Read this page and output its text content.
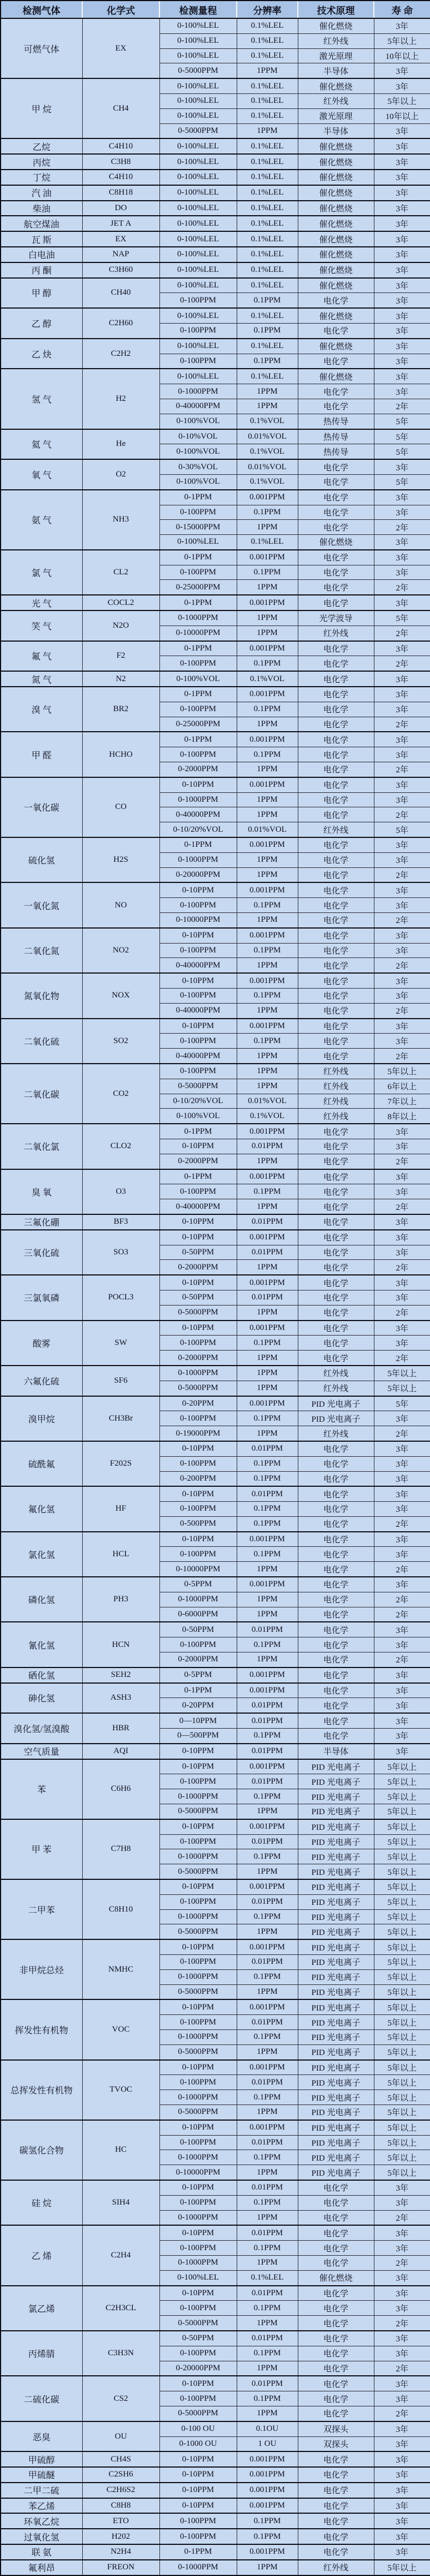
检测气体	化学式	检测量程	分辨率	技术原理	寿 命
可燃气体	EX	0-100%LEL	0.1%LEL	催化燃烧	3年
		0-100%LEL	0.1%LEL	红外线	5年以上
		0-100%LEL	0.1%LEL	激光原理	10年以上
		0-5000PPM	1PPM	半导体	3年
甲 烷	CH4	0-100%LEL	0.1%LEL	催化燃烧	3年
		0-100%LEL	0.1%LEL	红外线	5年以上
		0-100%LEL	0.1%LEL	激光原理	10年以上
		0-5000PPM	1PPM	半导体	3年
乙烷	C4H10	0-100%LEL	0.1%LEL	催化燃烧	3年
丙烷	C3H8	0-100%LEL	0.1%LEL	催化燃烧	3年
丁烷	C4H10	0-100%LEL	0.1%LEL	催化燃烧	3年
汽 油	C8H18	0-100%LEL	0.1%LEL	催化燃烧	3年
柴油	DO	0-100%LEL	0.1%LEL	催化燃烧	3年
航空煤油	JET A	0-100%LEL	0.1%LEL	催化燃烧	3年
瓦 斯	EX	0-100%LEL	0.1%LEL	催化燃烧	3年
白电油	NAP	0-100%LEL	0.1%LEL	催化燃烧	3年
丙 酮	C3H60	0-100%LEL	0.1%LEL	催化燃烧	3年
甲 醇	CH40	0-100%LEL	0.1%LEL	催化燃烧	3年
		0-100PPM	0.1PPM	电化学	3年
乙 醇	C2H60	0-100%LEL	0.1%LEL	催化燃烧	3年
		0-100PPM	0.1PPM	电化学	3年
乙 炔	C2H2	0-100%LEL	0.1%LEL	催化燃烧	3年
		0-100PPM	0.1PPM	电化学	3年
氢 气	H2	0-100%LEL	0.1%LEL	催化燃烧	3年
		0-1000PPM	1PPM	电化学	3年
		0-40000PPM	1PPM	电化学	2年
		0-100%VOL	0.1%VOL	热传导	5年
氦 气	He	0-10%VOL	0.01%VOL	热传导	5年
		0-100%VOL	0.1%VOL	热传导	5年
氧 气	O2	0-30%VOL	0.01%VOL	电化学	3年
		0-100%VOL	0.1%VOL	电化学	5年
氨 气	NH3	0-1PPM	0.001PPM	电化学	3年
		0-100PPM	0.1PPM	电化学	3年
		0-15000PPM	1PPM	电化学	2年
		0-100%LEL	0.1%LEL	催化燃烧	3年
氯 气	CL2	0-1PPM	0.001PPM	电化学	3年
		0-100PPM	0.1PPM	电化学	3年
		0-25000PPM	1PPM	电化学	2年
光 气	COCL2	0-1PPM	0.001PPM	电化学	3年
笑 气	N2O	0-1000PPM	1PPM	光学波导	5年
		0-10000PPM	1PPM	红外线	2年
氟 气	F2	0-1PPM	0.001PPM	电化学	3年
		0-100PPM	0.1PPM	电化学	2年
氮 气	N2	0-100%VOL	0.1%VOL	电化学	3年
溴 气	BR2	0-1PPM	0.001PPM	电化学	3年
		0-100PPM	0.1PPM	电化学	3年
		0-25000PPM	1PPM	电化学	2年
甲 醛	HCHO	0-1PPM	0.001PPM	电化学	3年
		0-100PPM	0.1PPM	电化学	3年
		0-2000PPM	1PPM	电化学	2年
一氧化碳	CO	0-10PPM	0.001PPM	电化学	3年
		0-1000PPM	1PPM	电化学	3年
		0-40000PPM	1PPM	电化学	2年
		0-10/20%VOL	0.01%VOL	红外线	5年
硫化氢	H2S	0-1PPM	0.001PPM	电化学	3年
		0-1000PPM	1PPM	电化学	3年
		0-20000PPM	1PPM	电化学	2年
一氧化氮	NO	0-10PPM	0.001PPM	电化学	3年
		0-100PPM	0.1PPM	电化学	3年
		0-10000PPM	1PPM	电化学	2年
二氧化氮	NO2	0-10PPM	0.001PPM	电化学	3年
		0-100PPM	0.1PPM	电化学	3年
		0-40000PPM	1PPM	电化学	2年
氮氧化物	NOX	0-10PPM	0.001PPM	电化学	3年
		0-100PPM	0.1PPM	电化学	3年
		0-40000PPM	1PPM	电化学	2年
二氧化硫	SO2	0-10PPM	0.001PPM	电化学	3年
		0-100PPM	0.1PPM	电化学	3年
		0-40000PPM	1PPM	电化学	2年
二氧化碳	CO2	0-100PPM	1PPM	红外线	5年以上
		0-5000PPM	1PPM	红外线	6年以上
		0-10/20%VOL	0.01%VOL	红外线	7年以上
		0-100%VOL	0.1%VOL	红外线	8年以上
二氧化氯	CLO2	0-1PPM	0.001PPM	电化学	3年
		0-10PPM	0.01PPM	电化学	3年
		0-2000PPM	1PPM	电化学	2年
臭 氧	O3	0-1PPM	0.001PPM	电化学	3年
		0-100PPM	0.1PPM	电化学	3年
		0-40000PPM	1PPM	电化学	2年
三氟化硼	BF3	0-10PPM	0.01PPM	电化学	3年
三氧化硫	SO3	0-10PPM	0.001PPM	电化学	3年
		0-50PPM	0.01PPM	电化学	3年
		0-2000PPM	1PPM	电化学	2年
三氯氧磷	POCL3	0-10PPM	0.001PPM	电化学	3年
		0-50PPM	0.01PPM	电化学	3年
		0-5000PPM	1PPM	电化学	2年
酸雾	SW	0-10PPM	0.001PPM	电化学	3年
		0-100PPM	0.1PPM	电化学	3年
		0-2000PPM	1PPM	电化学	2年
六氟化硫	SF6	0-1000PPM	1PPM	红外线	5年以上
		0-5000PPM	1PPM	红外线	5年以上
溴甲烷	CH3Br	0-20PPM	0.001PPM	PID 光电离子	5年
		0-100PPM	0.1PPM	PID 光电离子	3年
		0-19000PPM	1PPM	红外线	2年
硫酰氟	F202S	0-10PPM	0.01PPM	电化学	3年
		0-100PPM	0.1PPM	电化学	3年
		0-200PPM	0.1PPM	电化学	3年
氟化氢	HF	0-10PPM	0.01PPM	电化学	3年
		0-100PPM	0.1PPM	电化学	3年
		0-500PPM	0.1PPM	电化学	2年
氯化氢	HCL	0-10PPM	0.001PPM	电化学	3年
		0-100PPM	0.1PPM	电化学	3年
		0-10000PPM	1PPM	电化学	2年
磷化氢	PH3	0-5PPM	0.001PPM	电化学	3年
		0-1000PPM	1PPM	电化学	2年
		0-6000PPM	1PPM	电化学	2年
氰化氢	HCN	0-50PPM	0.01PPM	电化学	3年
		0-100PPM	0.1PPM	电化学	3年
		0-2000PPM	1PPM	电化学	2年
硒化氢	SEH2	0-5PPM	0.001PPM	电化学	3年
砷化氢	ASH3	0-1PPM	0.001PPM	电化学	3年
		0-20PPM	0.01PPM	电化学	3年
溴化氢/氢溴酸	HBR	0—10PPM	0.01PPM	电化学	3年
		0—500PPM	0.1PPM	电化学	3年
空气质量	AQI	0-10PPM	0.01PPM	半导体	3年
苯	C6H6	0-10PPM	0.001PPM	PID 光电离子	5年以上
		0-100PPM	0.01PPM	PID 光电离子	5年以上
		0-1000PPM	0.1PPM	PID 光电离子	5年以上
		0-5000PPM	1PPM	PID 光电离子	5年以上
甲 苯	C7H8	0-10PPM	0.001PPM	PID 光电离子	5年以上
		0-100PPM	0.01PPM	PID 光电离子	5年以上
		0-1000PPM	0.1PPM	PID 光电离子	5年以上
		0-5000PPM	1PPM	PID 光电离子	5年以上
二甲苯	C8H10	0-10PPM	0.001PPM	PID 光电离子	5年以上
		0-100PPM	0.01PPM	PID 光电离子	5年以上
		0-1000PPM	0.1PPM	PID 光电离子	5年以上
		0-5000PPM	1PPM	PID 光电离子	5年以上
非甲烷总烃	NMHC	0-10PPM	0.001PPM	PID 光电离子	5年以上
		0-100PPM	0.01PPM	PID 光电离子	5年以上
		0-1000PPM	0.1PPM	PID 光电离子	5年以上
		0-5000PPM	1PPM	PID 光电离子	5年以上
挥发性有机物	VOC	0-10PPM	0.001PPM	PID 光电离子	5年以上
		0-100PPM	0.01PPM	PID 光电离子	5年以上
		0-1000PPM	0.1PPM	PID 光电离子	5年以上
		0-5000PPM	1PPM	PID 光电离子	5年以上
总挥发性有机物	TVOC	0-10PPM	0.001PPM	PID 光电离子	5年以上
		0-100PPM	0.01PPM	PID 光电离子	5年以上
		0-1000PPM	0.1PPM	PID 光电离子	5年以上
		0-5000PPM	1PPM	PID 光电离子	5年以上
碳氢化合物	HC	0-10PPM	0.001PPM	PID 光电离子	5年以上
		0-100PPM	0.01PPM	PID 光电离子	5年以上
		0-1000PPM	0.1PPM	PID 光电离子	5年以上
		0-10000PPM	1PPM	PID 光电离子	5年以上
硅 烷	SIH4	0-10PPM	0.01PPM	电化学	3年
		0-100PPM	0.1PPM	电化学	3年
		0-1000PPM	1PPM	电化学	2年
乙 烯	C2H4	0-10PPM	0.01PPM	电化学	3年
		0-100PPM	0.1PPM	电化学	3年
		0-1000PPM	1PPM	电化学	2年
		0-100%LEL	0.1%LEL	催化燃烧	3年
氯乙烯	C2H3CL	0-10PPM	0.01PPM	电化学	3年
		0-100PPM	0.1PPM	电化学	3年
		0-5000PPM	1PPM	电化学	2年
丙烯腈	C3H3N	0-50PPM	0.01PPM	电化学	3年
		0-100PPM	0.1PPM	电化学	3年
		0-20000PPM	1PPM	电化学	2年
二硫化碳	CS2	0-10PPM	0.01PPM	电化学	3年
		0-100PPM	0.1PPM	电化学	3年
		0-5000PPM	1PPM	电化学	2年
恶臭	OU	0-100 OU	0.1OU	双探头	3年
		0-1000 OU	1 OU	双探头	3年
甲硫醇	CH4S	0-10PPM	0.001PPM	电化学	3年
甲硫醚	C2SH6	0-10PPM	0.001PPM	电化学	3年
二甲二硫	C2H6S2	0-10PPM	0.001PPM	电化学	3年
苯乙烯	C8H8	0-10PPM	0.001PPM	电化学	3年
环氧乙烷	ETO	0-100PPM	0.1PPM	电化学	3年
过氧化氢	H202	0-100PPM	0.1PPM	电化学	3年
联 氨	N2H4	0-1PPM	0.001PPM	电化学	3年
氟利昂	FREON	0-1000PPM	1PPM	红外线	5年以上
